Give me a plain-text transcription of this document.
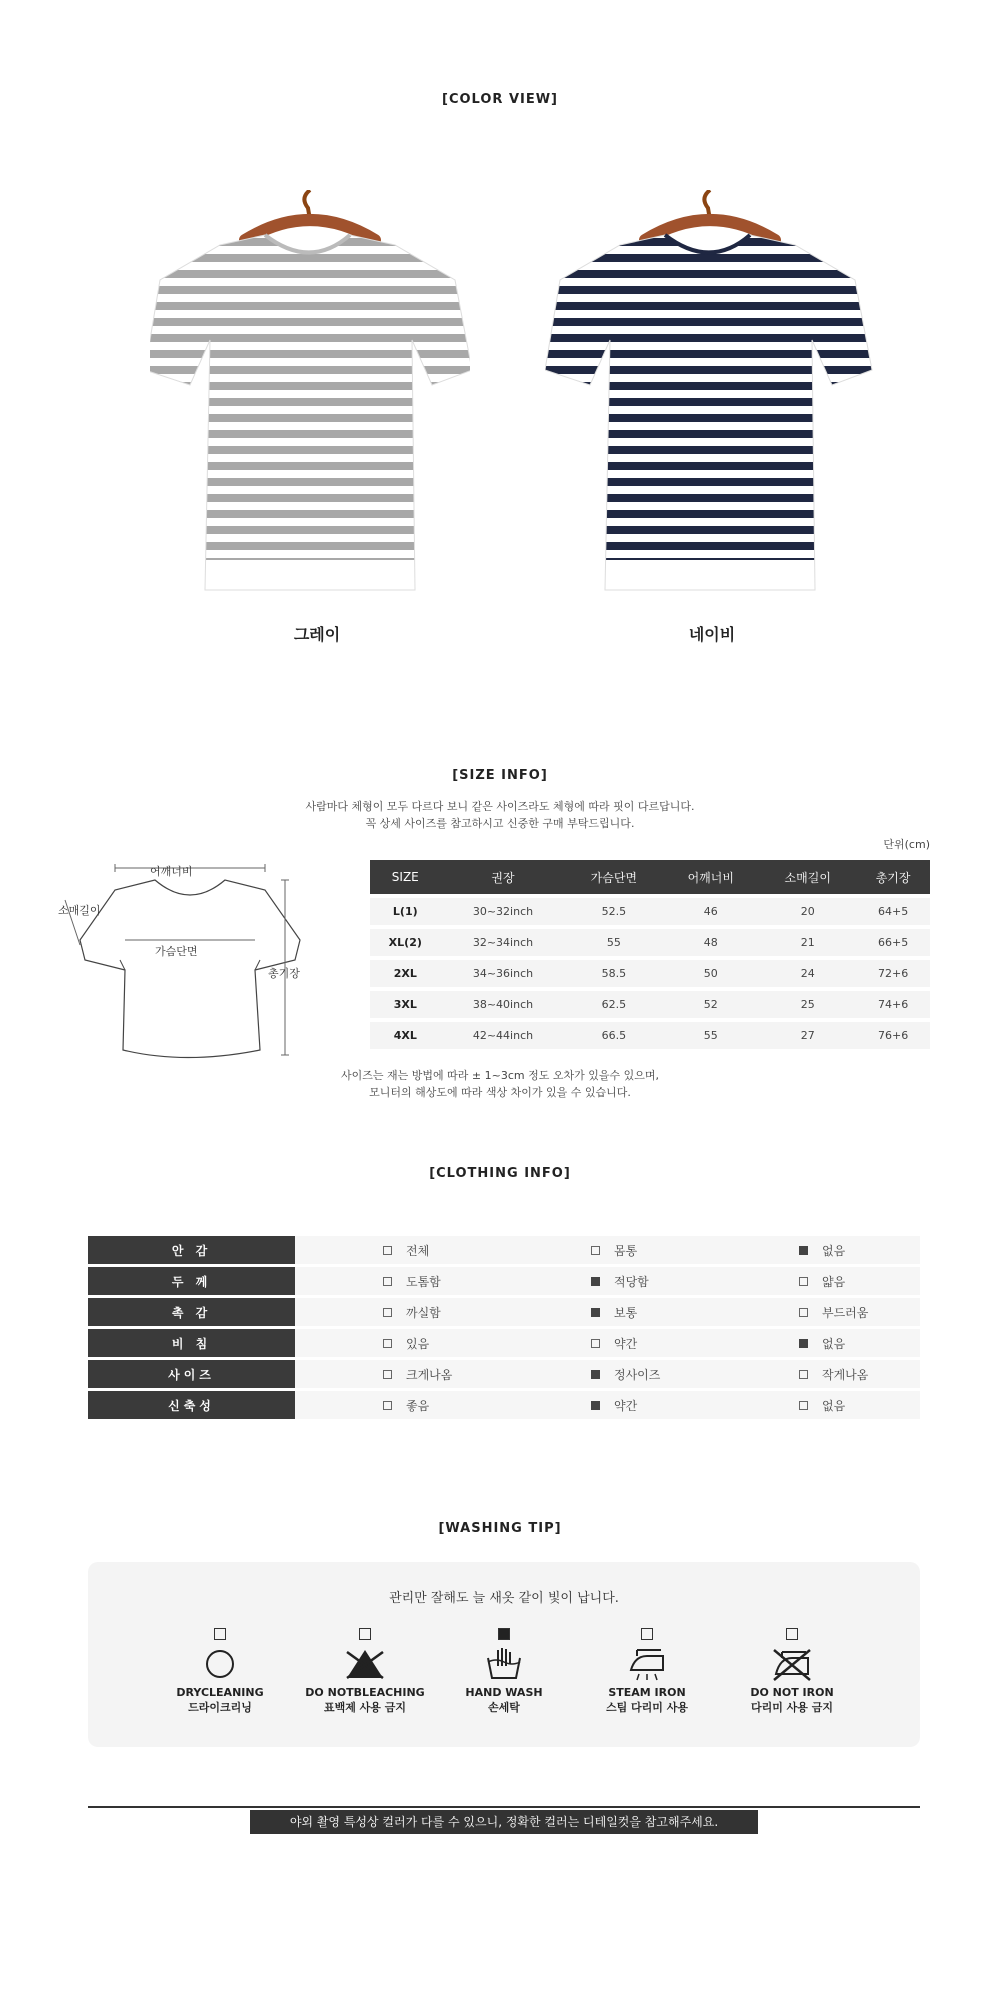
[COLOR VIEW]
그레이	네이비
[SIZE INFO]
사람마다 체형이 모두 다르다 보니 같은 사이즈라도 체형에 따라 핏이 다르답니다.
꼭 상세 사이즈를 참고하시고 신중한 구매 부탁드립니다.
단위(cm)
어깨너비
소매길이
가슴단면
총기장
SIZE	권장	가슴단면	어깨너비	소매길이	총기장
L(1)	30~32inch	52.5	46	20	64+5
XL(2)	32~34inch	55	48	21	66+5
2XL	34~36inch	58.5	50	24	72+6
3XL	38~40inch	62.5	52	25	74+6
4XL	42~44inch	66.5	55	27	76+6
사이즈는 재는 방법에 따라 ± 1~3cm 정도 오차가 있을수 있으며,
모니터의 해상도에 따라 색상 차이가 있을 수 있습니다.
[CLOTHING INFO]
안 감	전체	몸통	없음
두 께	도톰함	적당함	얇음
촉 감	까실함	보통	부드러움
비 침	있음	약간	없음
사이즈	크게나옴	정사이즈	작게나옴
신축성	좋음	약간	없음
[WASHING TIP]
관리만 잘해도 늘 새옷 같이 빛이 납니다.
DRYCLEANING
드라이크리닝
DO NOTBLEACHING
표백제 사용 금지
HAND WASH
손세탁
STEAM IRON
스팀 다리미 사용
DO NOT IRON
다리미 사용 금지
야외 촬영 특성상 컬러가 다를 수 있으니, 정확한 컬러는 디테일컷을 참고해주세요.
